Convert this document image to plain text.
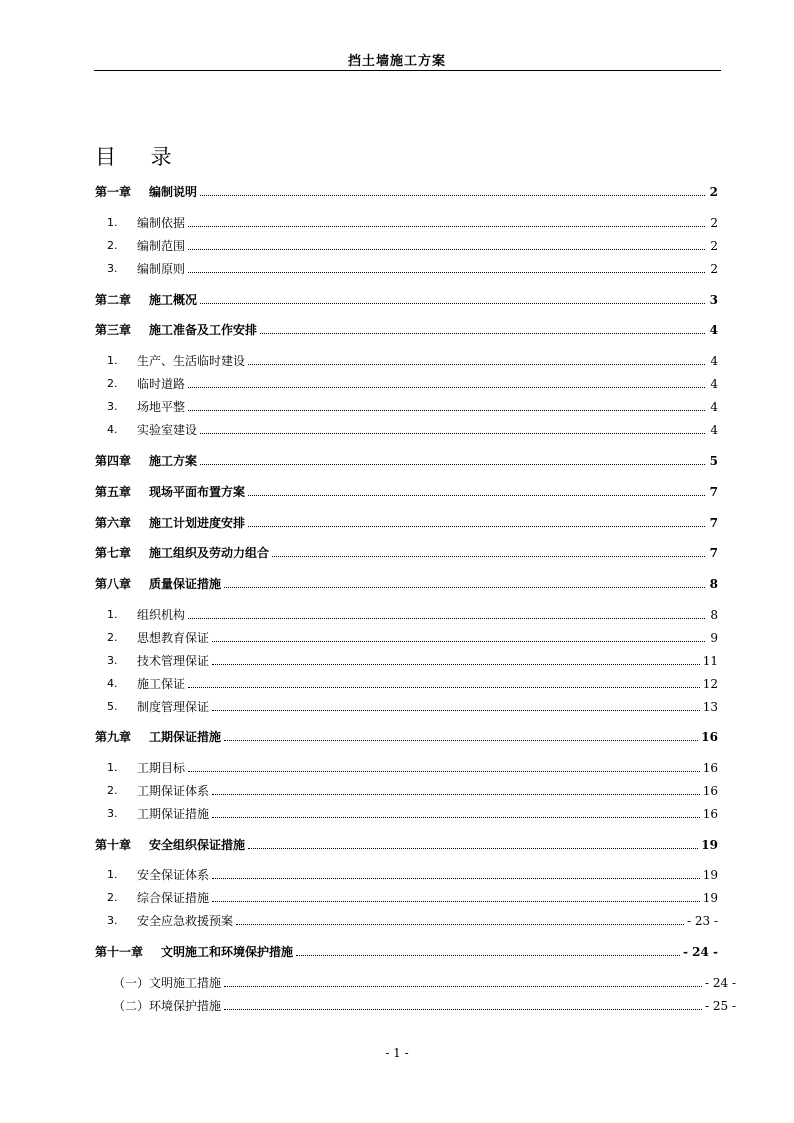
挡土墙施工方案
目 录
第一章 编制说明	2
1.	编制依据	2
2.	编制范围	2
3.	编制原则	2
第二章 施工概况	3
第三章 施工准备及工作安排	4
1.	生产、生活临时建设	4
2.	临时道路	4
3.	场地平整	4
4.	实验室建设	4
第四章 施工方案	5
第五章 现场平面布置方案	7
第六章 施工计划进度安排	7
第七章 施工组织及劳动力组合	7
第八章 质量保证措施	8
1.	组织机构	8
2.	思想教育保证	9
3.	技术管理保证	11
4.	施工保证	12
5.	制度管理保证	13
第九章 工期保证措施	16
1.	工期目标	16
2.	工期保证体系	16
3.	工期保证措施	16
第十章 安全组织保证措施	19
1.	安全保证体系	19
2.	综合保证措施	19
3.	安全应急救援预案	- 23 -
第十一章 文明施工和环境保护措施	- 24 -
（一） 文明施工措施	- 24 -
（二） 环境保护措施	- 25 -
- 1 -
